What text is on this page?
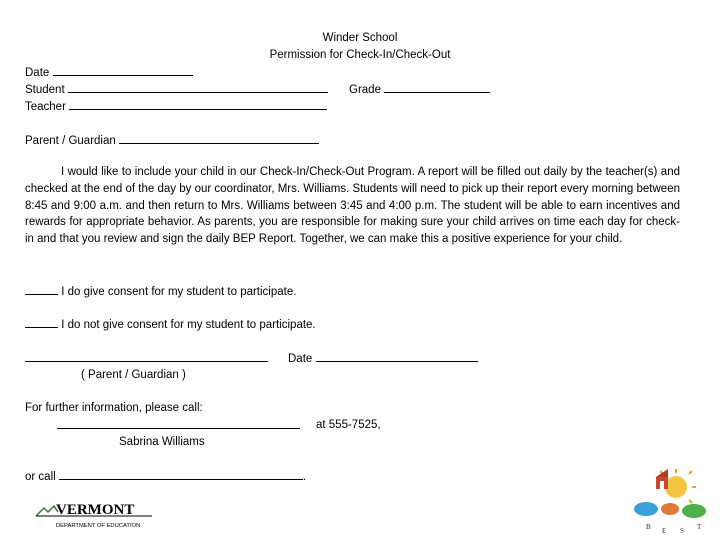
Winder School
Permission for Check-In/Check-Out
Date
Student	Grade
Teacher
Parent / Guardian
I would like to include your child in our Check-In/Check-Out Program. A report will be filled out daily by the teacher(s) and checked at the end of the day by our coordinator, Mrs. Williams. Students will need to pick up their report every morning between 8:45 and 9:00 a.m. and then return to Mrs. Williams between 3:45 and 4:00 p.m. The student will be able to earn incentives and rewards for appropriate behavior. As parents, you are responsible for making sure your child arrives on time each day for check-in and that you review and sign the daily BEP Report. Together, we can make this a positive experience for your child.
I do give consent for my student to participate.
I do not give consent for my student to participate.
Date
( Parent / Guardian )
For further information, please call:
at 555-7525,
Sabrina Williams
or call	.
VERMONT
DEPARTMENT OF EDUCATION	B E S T
